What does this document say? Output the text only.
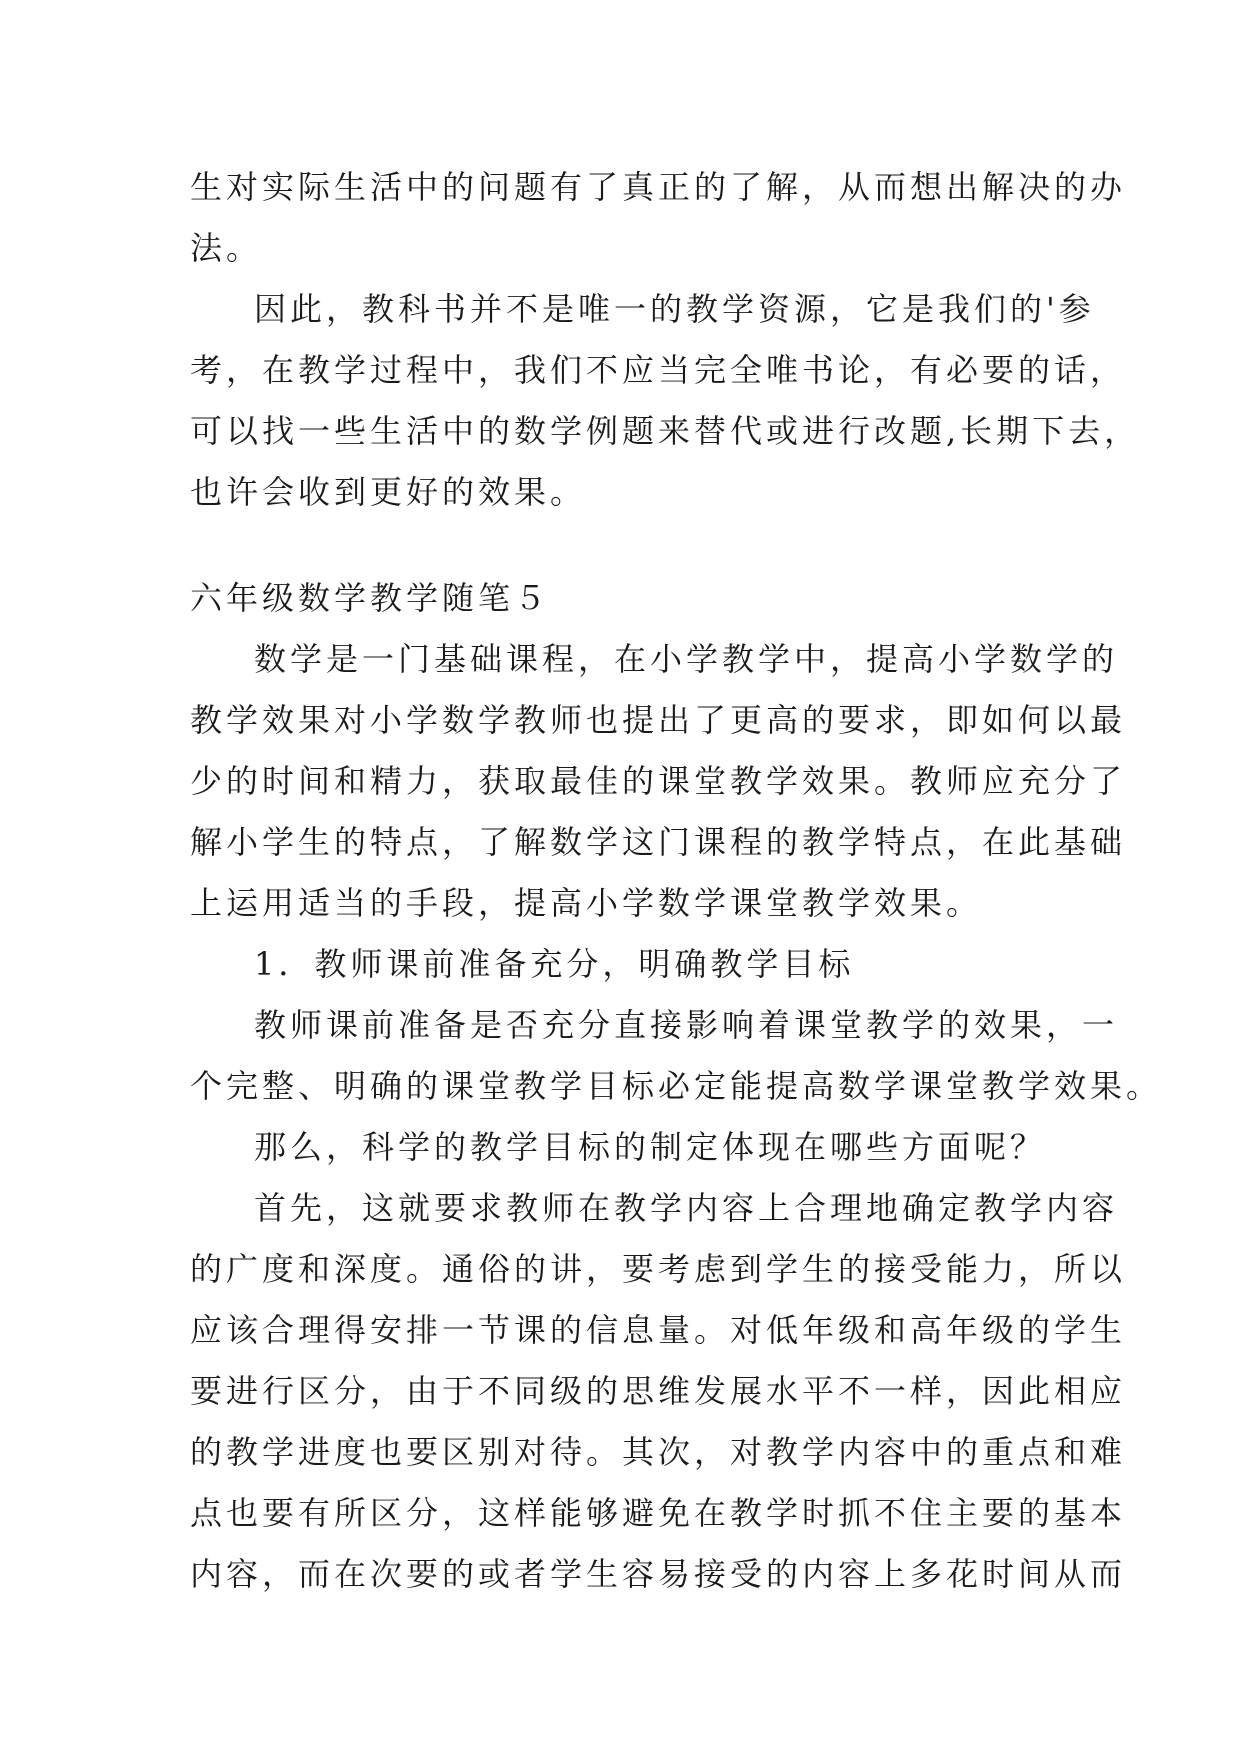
生对实际生活中的问题有了真正的了解，从而想出解决的办
法。
因此，教科书并不是唯一的教学资源，它是我们的'参
考，在教学过程中，我们不应当完全唯书论，有必要的话，
可以找一些生活中的数学例题来替代或进行改题,长期下去，
也许会收到更好的效果。
六年级数学教学随笔５
数学是一门基础课程，在小学教学中，提高小学数学的
教学效果对小学数学教师也提出了更高的要求，即如何以最
少的时间和精力，获取最佳的课堂教学效果。教师应充分了
解小学生的特点，了解数学这门课程的教学特点，在此基础
上运用适当的手段，提高小学数学课堂教学效果。
1．教师课前准备充分，明确教学目标
教师课前准备是否充分直接影响着课堂教学的效果，一
个完整、明确的课堂教学目标必定能提高数学课堂教学效果。
那么，科学的教学目标的制定体现在哪些方面呢？
首先，这就要求教师在教学内容上合理地确定教学内容
的广度和深度。通俗的讲，要考虑到学生的接受能力，所以
应该合理得安排一节课的信息量。对低年级和高年级的学生
要进行区分，由于不同级的思维发展水平不一样，因此相应
的教学进度也要区别对待。其次，对教学内容中的重点和难
点也要有所区分，这样能够避免在教学时抓不住主要的基本
内容，而在次要的或者学生容易接受的内容上多花时间从而
